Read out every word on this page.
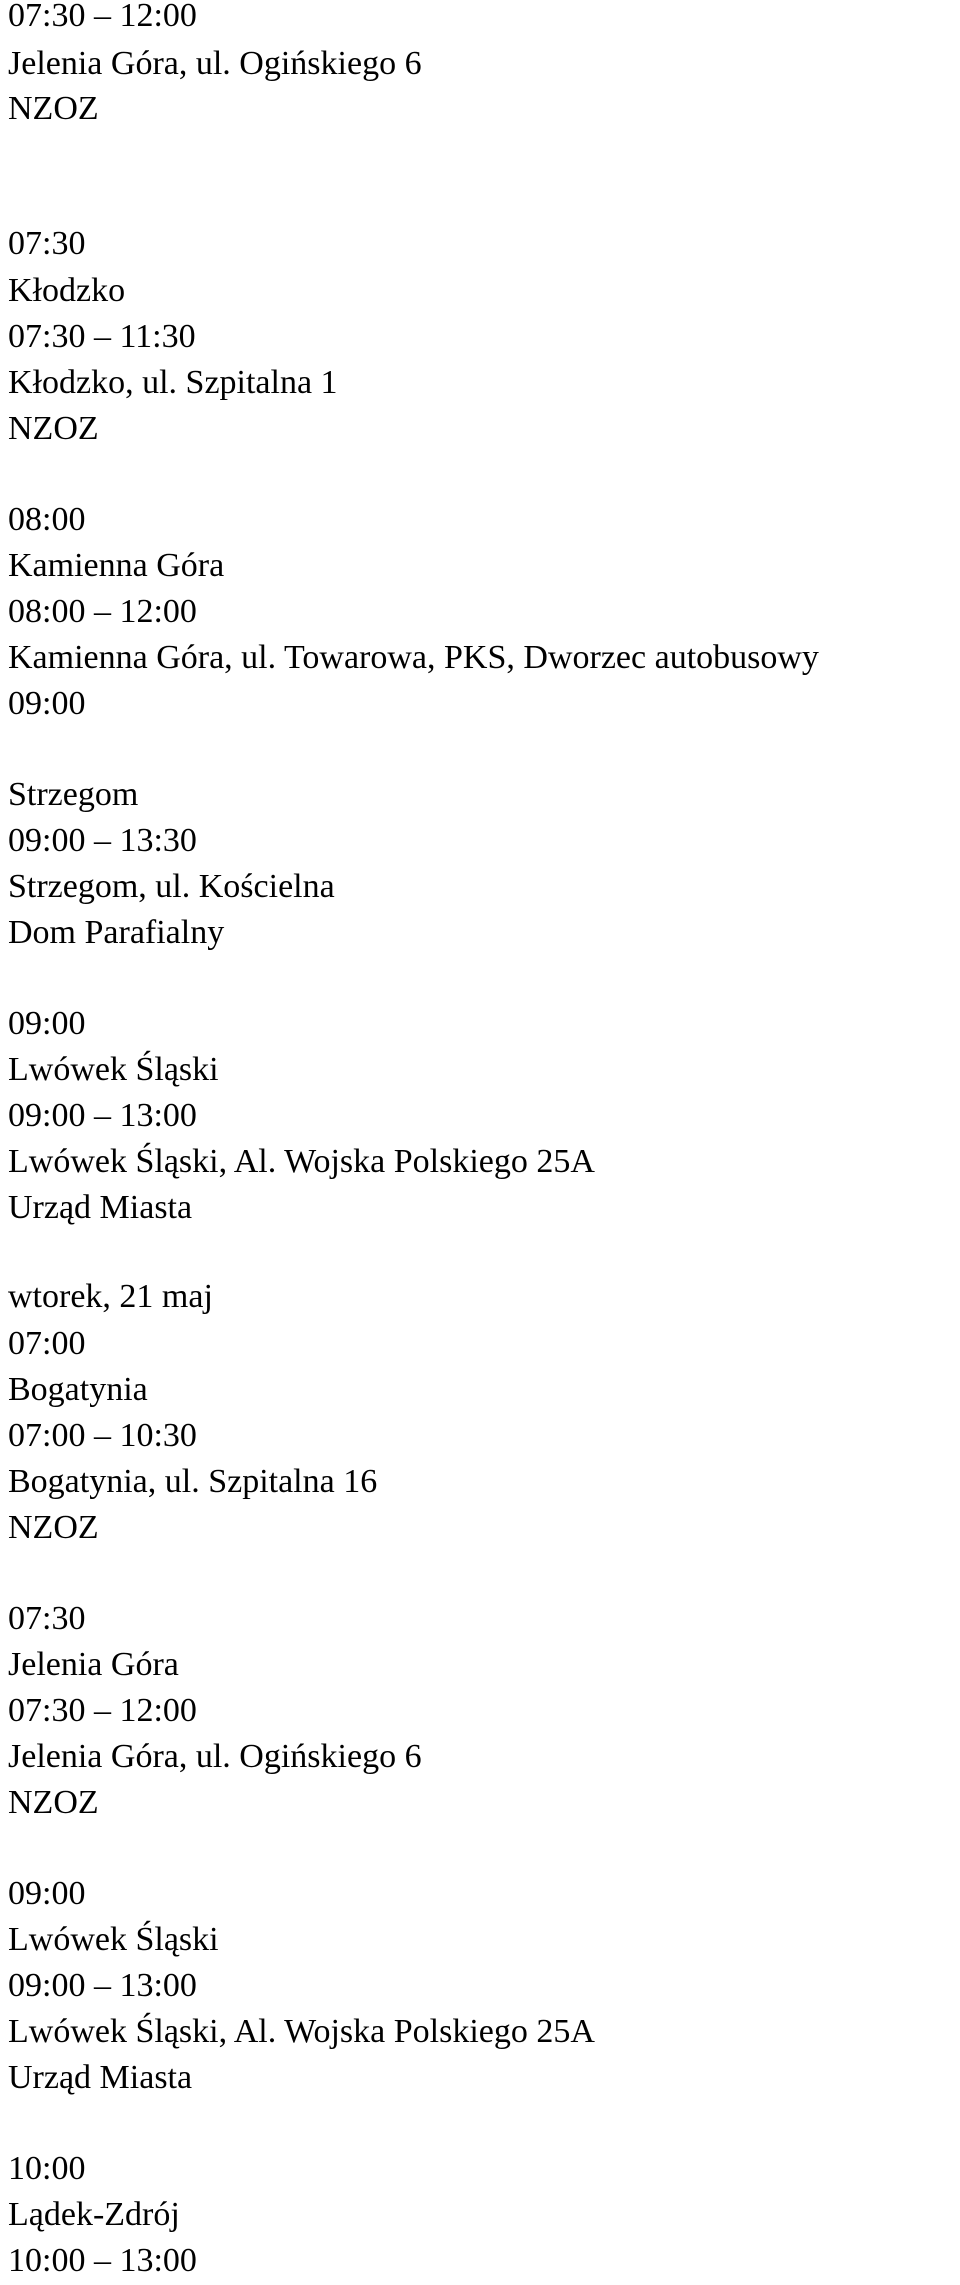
07:30 – 12:00
Jelenia Góra, ul. Ogińskiego 6
NZOZ
07:30
Kłodzko
07:30 – 11:30
Kłodzko, ul. Szpitalna 1
NZOZ
08:00
Kamienna Góra
08:00 – 12:00
Kamienna Góra, ul. Towarowa, PKS, Dworzec autobusowy
09:00
Strzegom
09:00 – 13:30
Strzegom, ul. Kościelna
Dom Parafialny
09:00
Lwówek Śląski
09:00 – 13:00
Lwówek Śląski, Al. Wojska Polskiego 25A
Urząd Miasta
wtorek, 21 maj
07:00
Bogatynia
07:00 – 10:30
Bogatynia, ul. Szpitalna 16
NZOZ
07:30
Jelenia Góra
07:30 – 12:00
Jelenia Góra, ul. Ogińskiego 6
NZOZ
09:00
Lwówek Śląski
09:00 – 13:00
Lwówek Śląski, Al. Wojska Polskiego 25A
Urząd Miasta
10:00
Lądek-Zdrój
10:00 – 13:00
